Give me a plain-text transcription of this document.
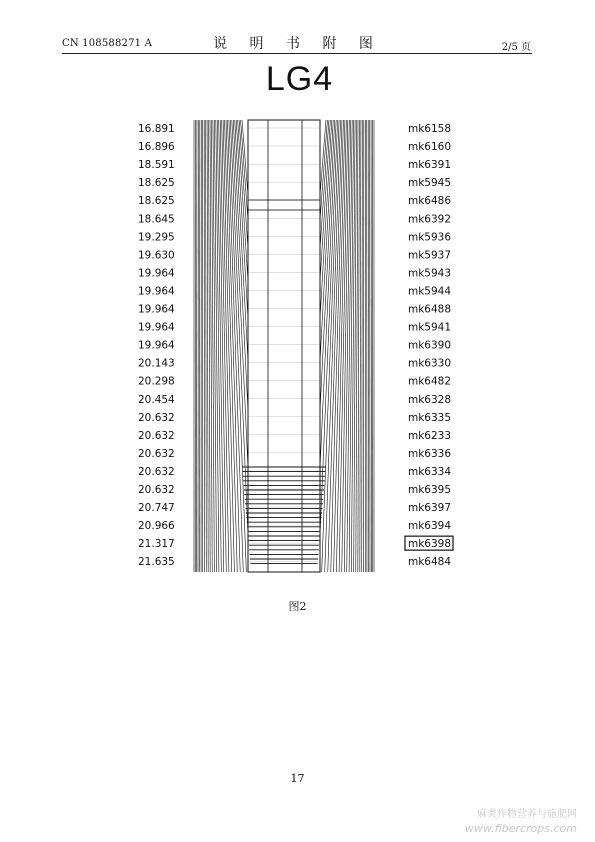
CN 108588271 A	说 明 书 附 图	2/5 页
LG4
16.891
16.896
18.591
18.625
18.625
18.645
19.295
19.630
19.964
19.964
19.964
19.964
19.964
20.143
20.298
20.454
20.632
20.632
20.632
20.632
20.632
20.747
20.966
21.317
21.635
mk6158
mk6160
mk6391
mk5945
mk6486
mk6392
mk5936
mk5937
mk5943
mk5944
mk6488
mk5941
mk6390
mk6330
mk6482
mk6328
mk6335
mk6233
mk6336
mk6334
mk6395
mk6397
mk6394
mk6398
mk6484
图2
17
麻类作物营养与施肥网
www.fibercrops.com
